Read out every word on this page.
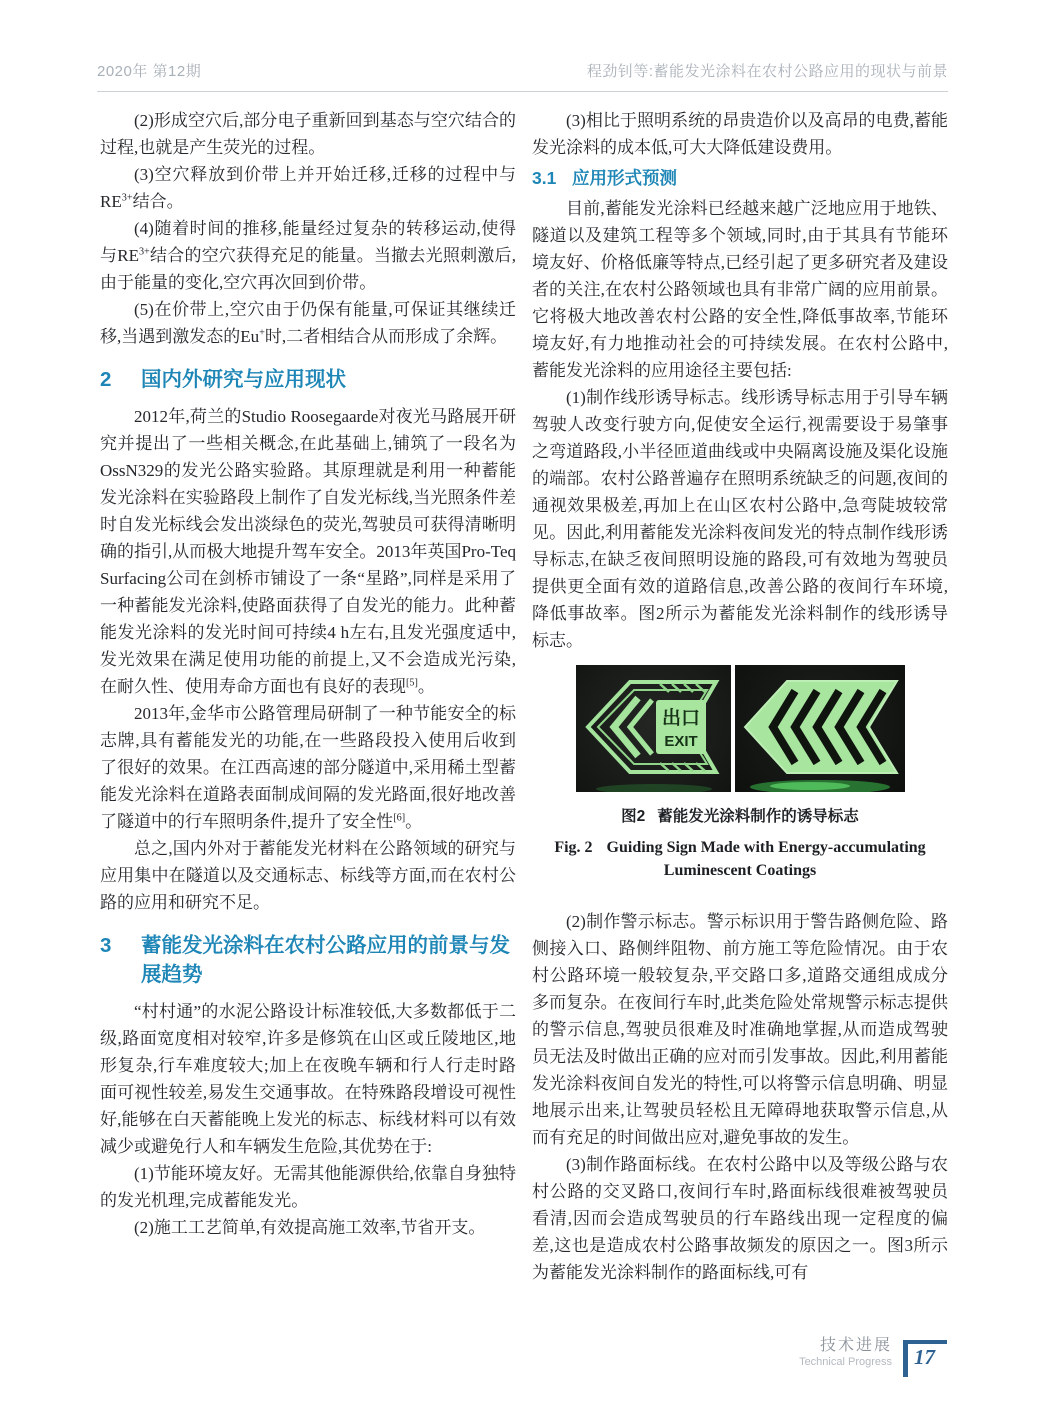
2020年 第12期	程劲钊等:蓄能发光涂料在农村公路应用的现状与前景

(2)形成空穴后,部分电子重新回到基态与空穴结合的过程,也就是产生荧光的过程。

(3)空穴释放到价带上并开始迁移,迁移的过程中与$RE^{3+}$结合。

(4)随着时间的推移,能量经过复杂的转移运动,使得与$RE^{3+}$结合的空穴获得充足的能量。当撤去光照刺激后,由于能量的变化,空穴再次回到价带。

(5)在价带上,空穴由于仍保有能量,可保证其继续迁移,当遇到激发态的Eu+时,二者相结合从而形成了余辉。

2 国内外研究与应用现状

2012年,荷兰的Studio Roosegaarde对夜光马路展开研究并提出了一些相关概念,在此基础上,铺筑了一段名为OssN329的发光公路实验路。其原理就是利用一种蓄能发光涂料在实验路段上制作了自发光标线,当光照条件差时自发光标线会发出淡绿色的荧光,驾驶员可获得清晰明确的指引,从而极大地提升驾车安全。2013年英国Pro-Teq Surfacing公司在剑桥市铺设了一条“星路”,同样是采用了一种蓄能发光涂料,使路面获得了自发光的能力。此种蓄能发光涂料的发光时间可持续4 h左右,且发光强度适中,发光效果在满足使用功能的前提上,又不会造成光污染,在耐久性、使用寿命方面也有良好的表现[5]。

2013年,金华市公路管理局研制了一种节能安全的标志牌,具有蓄能发光的功能,在一些路段投入使用后收到了很好的效果。在江西高速的部分隧道中,采用稀土型蓄能发光涂料在道路表面制成间隔的发光路面,很好地改善了隧道中的行车照明条件,提升了安全性[6]。

总之,国内外对于蓄能发光材料在公路领域的研究与应用集中在隧道以及交通标志、标线等方面,而在农村公路的应用和研究不足。

3 蓄能发光涂料在农村公路应用的前景与发展趋势

“村村通”的水泥公路设计标准较低,大多数都低于二级,路面宽度相对较窄,许多是修筑在山区或丘陵地区,地形复杂,行车难度较大;加上在夜晚车辆和行人行走时路面可视性较差,易发生交通事故。在特殊路段增设可视性好,能够在白天蓄能晚上发光的标志、标线材料可以有效减少或避免行人和车辆发生危险,其优势在于:

(1)节能环境友好。无需其他能源供给,依靠自身独特的发光机理,完成蓄能发光。

(2)施工工艺简单,有效提高施工效率,节省开支。

(3)相比于照明系统的昂贵造价以及高昂的电费,蓄能发光涂料的成本低,可大大降低建设费用。

3.1 应用形式预测

目前,蓄能发光涂料已经越来越广泛地应用于地铁、隧道以及建筑工程等多个领域,同时,由于其具有节能环境友好、价格低廉等特点,已经引起了更多研究者及建设者的关注,在农村公路领域也具有非常广阔的应用前景。它将极大地改善农村公路的安全性,降低事故率,节能环境友好,有力地推动社会的可持续发展。在农村公路中,蓄能发光涂料的应用途径主要包括:

(1)制作线形诱导标志。线形诱导标志用于引导车辆驾驶人改变行驶方向,促使安全运行,视需要设于易肇事之弯道路段,小半径匝道曲线或中央隔离设施及渠化设施的端部。农村公路普遍存在照明系统缺乏的问题,夜间的通视效果极差,再加上在山区农村公路中,急弯陡坡较常见。因此,利用蓄能发光涂料夜间发光的特点制作线形诱导标志,在缺乏夜间照明设施的路段,可有效地为驾驶员提供更全面有效的道路信息,改善公路的夜间行车环境,降低事故率。图2所示为蓄能发光涂料制作的线形诱导标志。

出口
EXIT
图2 蓄能发光涂料制作的诱导标志
Fig. 2 Guiding Sign Made with Energy-accumulating
Luminescent Coatings

(2)制作警示标志。警示标识用于警告路侧危险、路侧接入口、路侧绊阻物、前方施工等危险情况。由于农村公路环境一般较复杂,平交路口多,道路交通组成成分多而复杂。在夜间行车时,此类危险处常规警示标志提供的警示信息,驾驶员很难及时准确地掌握,从而造成驾驶员无法及时做出正确的应对而引发事故。因此,利用蓄能发光涂料夜间自发光的特性,可以将警示信息明确、明显地展示出来,让驾驶员轻松且无障碍地获取警示信息,从而有充足的时间做出应对,避免事故的发生。

(3)制作路面标线。在农村公路中以及等级公路与农村公路的交叉路口,夜间行车时,路面标线很难被驾驶员看清,因而会造成驾驶员的行车路线出现一定程度的偏差,这也是造成农村公路事故频发的原因之一。图3所示为蓄能发光涂料制作的路面标线,可有

技术进展
Technical Progress 17
